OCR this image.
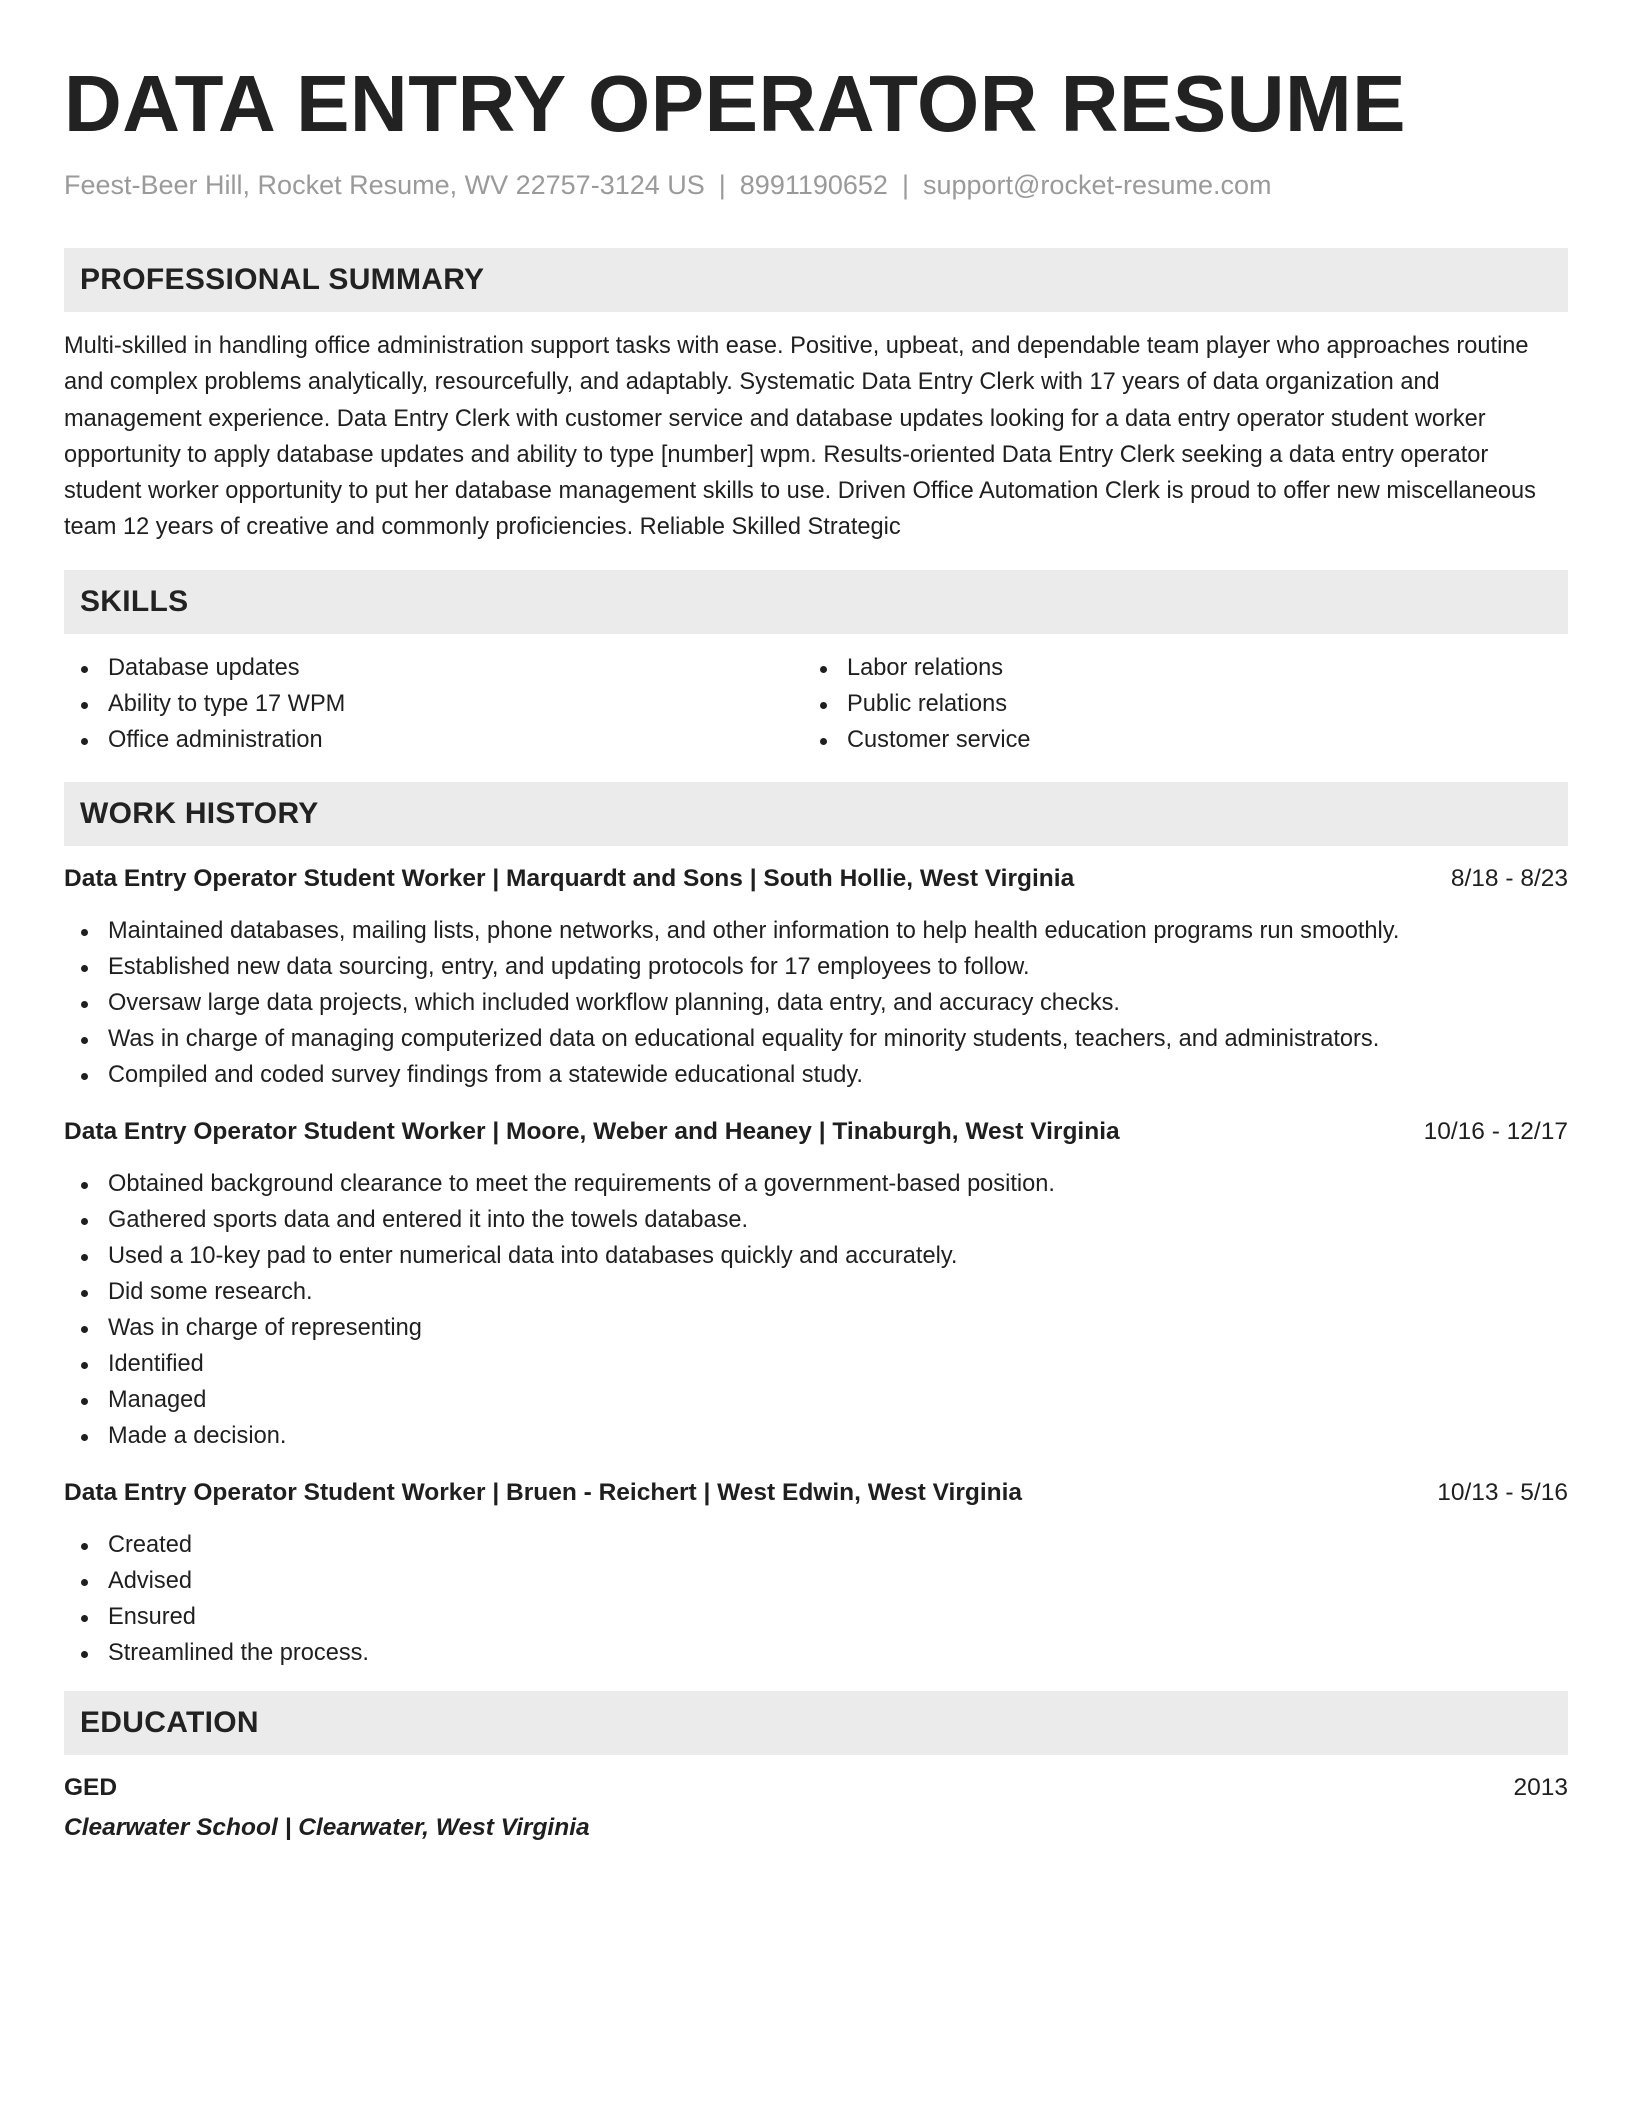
DATA ENTRY OPERATOR RESUME
Feest-Beer Hill, Rocket Resume, WV 22757-3124 US | 8991190652 | support@rocket-resume.com
PROFESSIONAL SUMMARY

Multi-skilled in handling office administration support tasks with ease. Positive, upbeat, and dependable team player who approaches routine and complex problems analytically, resourcefully, and adaptably. Systematic Data Entry Clerk with 17 years of data organization and management experience. Data Entry Clerk with customer service and database updates looking for a data entry operator student worker opportunity to apply database updates and ability to type [number] wpm. Results-oriented Data Entry Clerk seeking a data entry operator student worker opportunity to put her database management skills to use. Driven Office Automation Clerk is proud to offer new miscellaneous team 12 years of creative and commonly proficiencies. Reliable Skilled Strategic

SKILLS
Database updates
Ability to type 17 WPM
Office administration
Labor relations
Public relations
Customer service
WORK HISTORY
Data Entry Operator Student Worker | Marquardt and Sons | South Hollie, West Virginia	8/18 - 8/23
Maintained databases, mailing lists, phone networks, and other information to help health education programs run smoothly.
Established new data sourcing, entry, and updating protocols for 17 employees to follow.
Oversaw large data projects, which included workflow planning, data entry, and accuracy checks.
Was in charge of managing computerized data on educational equality for minority students, teachers, and administrators.
Compiled and coded survey findings from a statewide educational study.
Data Entry Operator Student Worker | Moore, Weber and Heaney | Tinaburgh, West Virginia	10/16 - 12/17
Obtained background clearance to meet the requirements of a government-based position.
Gathered sports data and entered it into the towels database.
Used a 10-key pad to enter numerical data into databases quickly and accurately.
Did some research.
Was in charge of representing
Identified
Managed
Made a decision.
Data Entry Operator Student Worker | Bruen - Reichert | West Edwin, West Virginia	10/13 - 5/16
Created
Advised
Ensured
Streamlined the process.
EDUCATION
GED	2013
Clearwater School | Clearwater, West Virginia
